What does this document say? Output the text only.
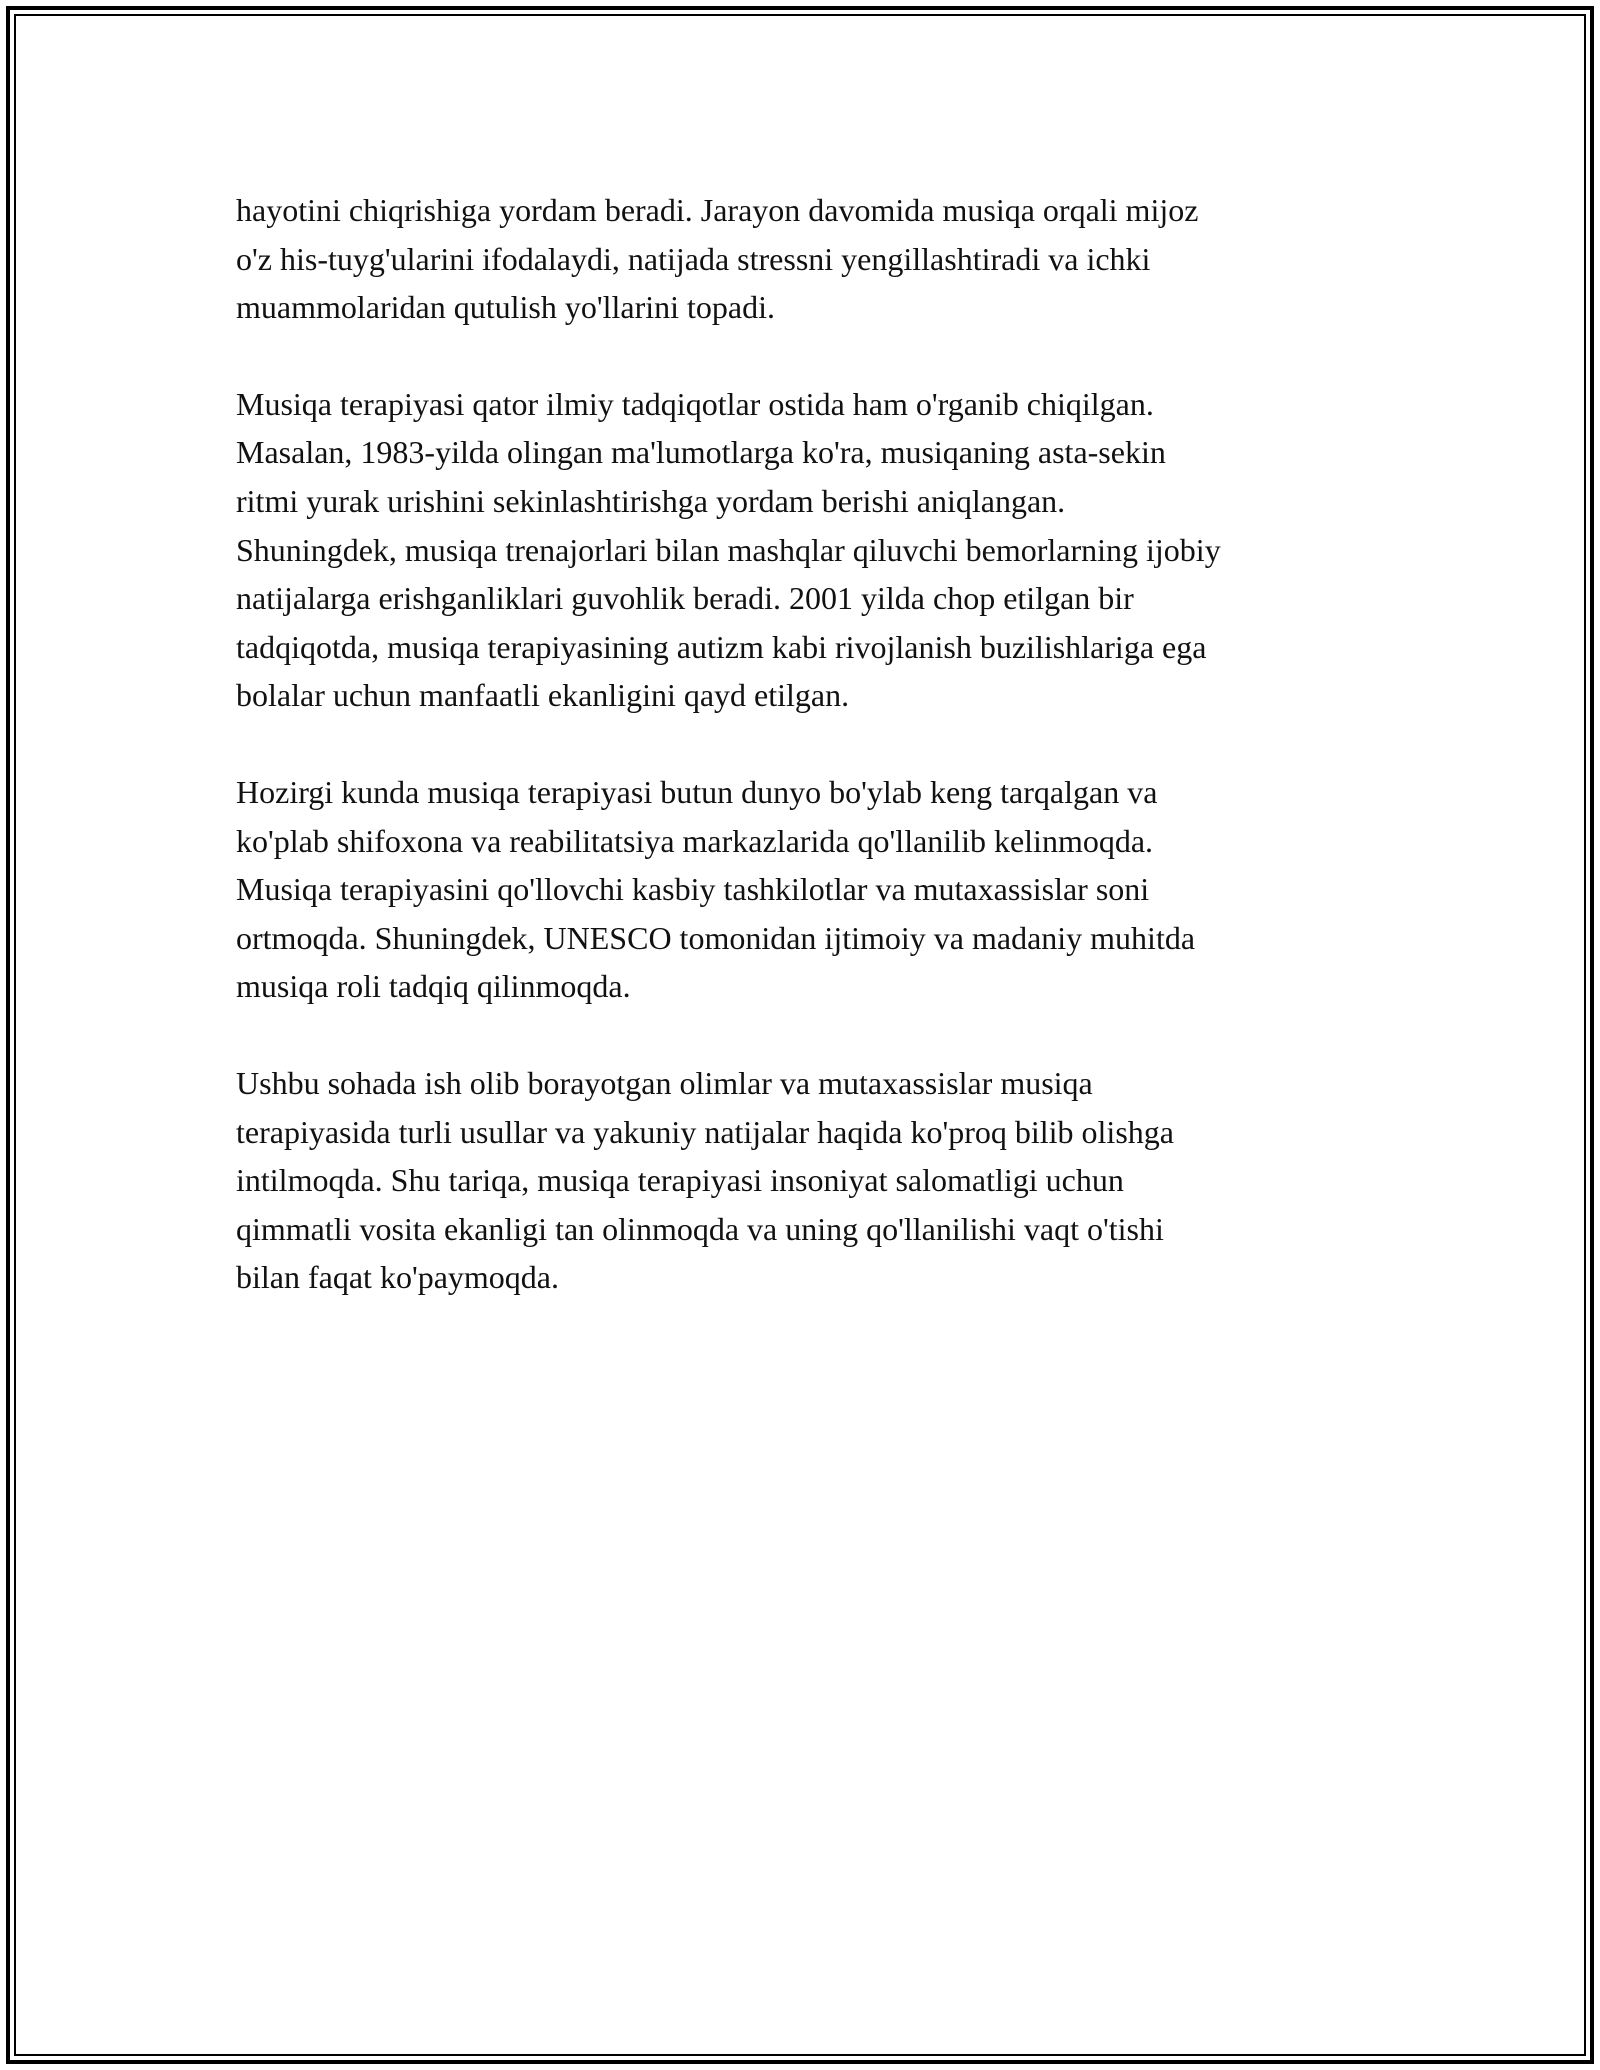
hayotini chiqrishiga yordam beradi. Jarayon davomida musiqa orqali mijoz
o'z his-tuyg'ularini ifodalaydi, natijada stressni yengillashtiradi va ichki
muammolaridan qutulish yo'llarini topadi.

Musiqa terapiyasi qator ilmiy tadqiqotlar ostida ham o'rganib chiqilgan.
Masalan, 1983-yilda olingan ma'lumotlarga ko'ra, musiqaning asta-sekin
ritmi yurak urishini sekinlashtirishga yordam berishi aniqlangan.
Shuningdek, musiqa trenajorlari bilan mashqlar qiluvchi bemorlarning ijobiy
natijalarga erishganliklari guvohlik beradi. 2001 yilda chop etilgan bir
tadqiqotda, musiqa terapiyasining autizm kabi rivojlanish buzilishlariga ega
bolalar uchun manfaatli ekanligini qayd etilgan.

Hozirgi kunda musiqa terapiyasi butun dunyo bo'ylab keng tarqalgan va
ko'plab shifoxona va reabilitatsiya markazlarida qo'llanilib kelinmoqda.
Musiqa terapiyasini qo'llovchi kasbiy tashkilotlar va mutaxassislar soni
ortmoqda. Shuningdek, UNESCO tomonidan ijtimoiy va madaniy muhitda
musiqa roli tadqiq qilinmoqda.

Ushbu sohada ish olib borayotgan olimlar va mutaxassislar musiqa
terapiyasida turli usullar va yakuniy natijalar haqida ko'proq bilib olishga
intilmoqda. Shu tariqa, musiqa terapiyasi insoniyat salomatligi uchun
qimmatli vosita ekanligi tan olinmoqda va uning qo'llanilishi vaqt o'tishi
bilan faqat ko'paymoqda.
